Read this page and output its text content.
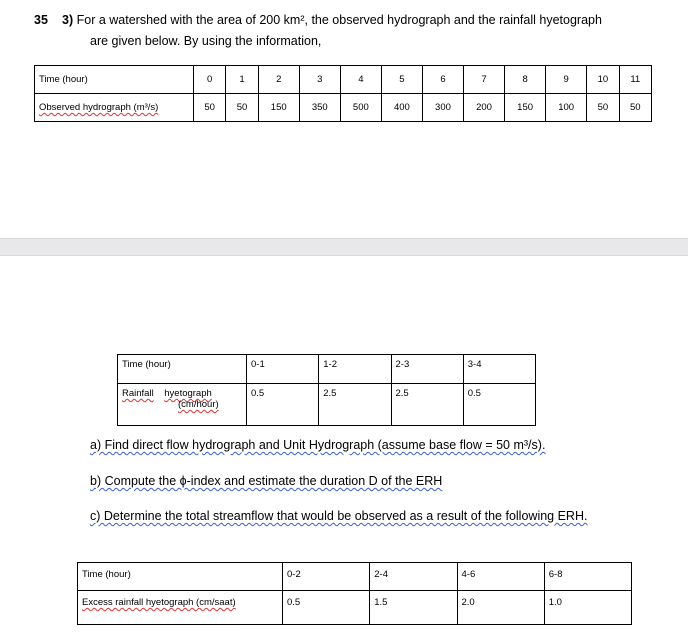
35 3) For a watershed with the area of 200 km², the observed hydrograph and the rainfall hyetograph
are given below. By using the information,
Time (hour)	0	1	2	3	4	5	6	7	8	9	10	11
Observed hydrograph (m³/s)	50	50	150	350	500	400	300	200	150	100	50	50
Time (hour)	0-1	1-2	2-3	3-4
Rainfall hyetograph
(cm/hour)	0.5	2.5	2.5	0.5
a) Find direct flow hydrograph and Unit Hydrograph (assume base flow = 50 m³/s).
b) Compute the ϕ-index and estimate the duration D of the ERH
c) Determine the total streamflow that would be observed as a result of the following ERH.
Time (hour)	0-2	2-4	4-6	6-8
Excess rainfall hyetograph (cm/saat)	0.5	1.5	2.0	1.0
